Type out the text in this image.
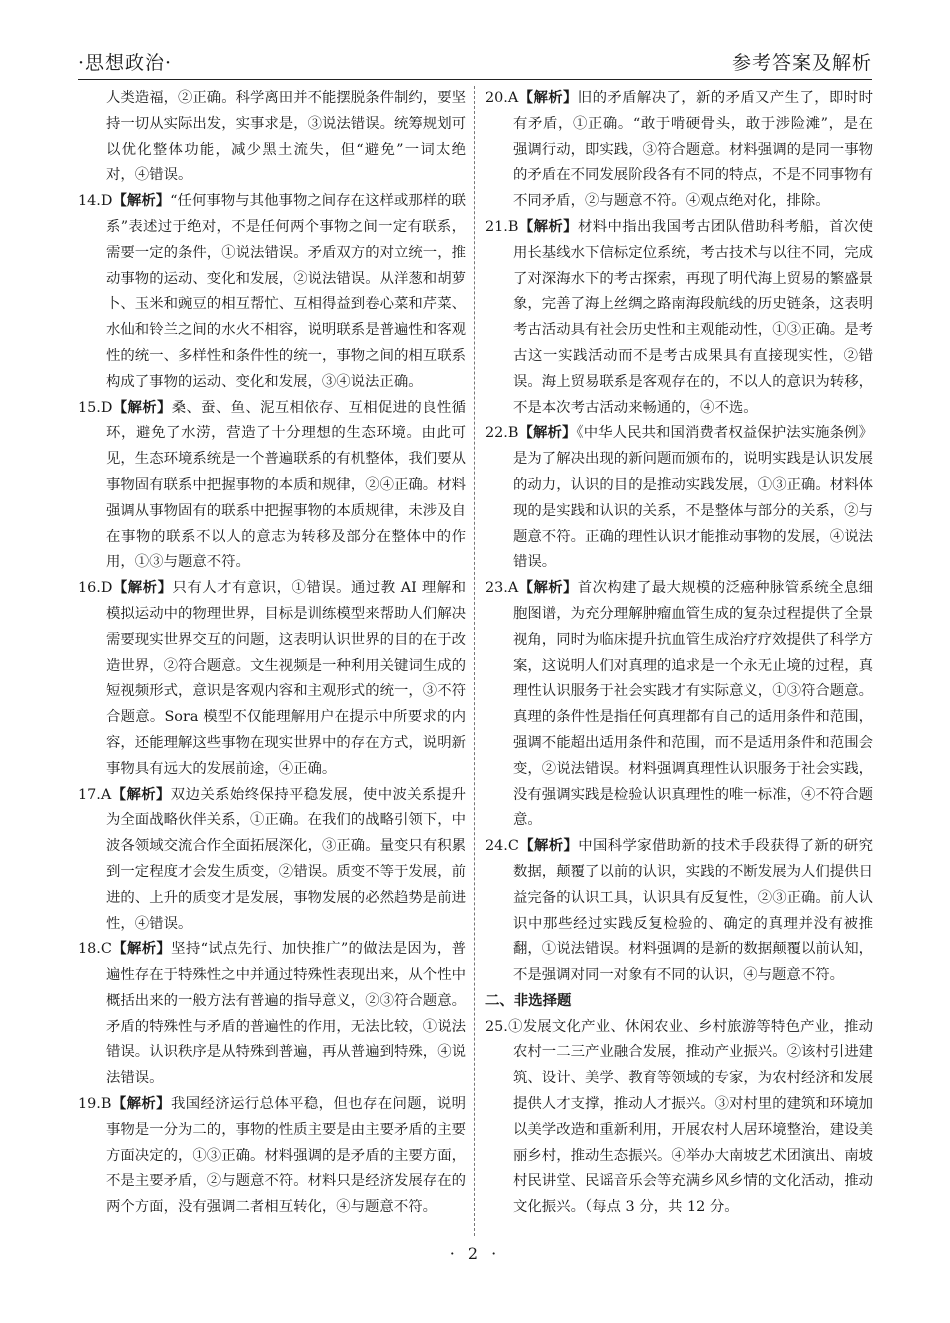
·思想政治·	参考答案及解析

人类造福，②正确。科学离田并不能摆脱条件制约，要坚持一切从实际出发，实事求是，③说法错误。统筹规划可以优化整体功能，减少黑土流失，但“避免”一词太绝对，④错误。

14.D【解析】“任何事物与其他事物之间存在这样或那样的联系”表述过于绝对，不是任何两个事物之间一定有联系，需要一定的条件，①说法错误。矛盾双方的对立统一，推动事物的运动、变化和发展，②说法错误。从洋葱和胡萝卜、玉米和豌豆的相互帮忙、互相得益到卷心菜和芹菜、水仙和铃兰之间的水火不相容，说明联系是普遍性和客观性的统一、多样性和条件性的统一，事物之间的相互联系构成了事物的运动、变化和发展，③④说法正确。

15.D【解析】桑、蚕、鱼、泥互相依存、互相促进的良性循环，避免了水涝，营造了十分理想的生态环境。由此可见，生态环境系统是一个普遍联系的有机整体，我们要从事物固有联系中把握事物的本质和规律，②④正确。材料强调从事物固有的联系中把握事物的本质规律，未涉及自在事物的联系不以人的意志为转移及部分在整体中的作用，①③与题意不符。

16.D【解析】只有人才有意识，①错误。通过教 AI 理解和模拟运动中的物理世界，目标是训练模型来帮助人们解决需要现实世界交互的问题，这表明认识世界的目的在于改造世界，②符合题意。文生视频是一种利用关键词生成的短视频形式，意识是客观内容和主观形式的统一，③不符合题意。Sora 模型不仅能理解用户在提示中所要求的内容，还能理解这些事物在现实世界中的存在方式，说明新事物具有远大的发展前途，④正确。

17.A【解析】双边关系始终保持平稳发展，使中波关系提升为全面战略伙伴关系，①正确。在我们的战略引领下，中波各领域交流合作全面拓展深化，③正确。量变只有积累到一定程度才会发生质变，②错误。质变不等于发展，前进的、上升的质变才是发展，事物发展的必然趋势是前进性，④错误。

18.C【解析】坚持“试点先行、加快推广”的做法是因为，普遍性存在于特殊性之中并通过特殊性表现出来，从个性中概括出来的一般方法有普遍的指导意义，②③符合题意。矛盾的特殊性与矛盾的普遍性的作用，无法比较，①说法错误。认识秩序是从特殊到普遍，再从普遍到特殊，④说法错误。

19.B【解析】我国经济运行总体平稳，但也存在问题，说明事物是一分为二的，事物的性质主要是由主要矛盾的主要方面决定的，①③正确。材料强调的是矛盾的主要方面，不是主要矛盾，②与题意不符。材料只是经济发展存在的两个方面，没有强调二者相互转化，④与题意不符。

20.A【解析】旧的矛盾解决了，新的矛盾又产生了，即时时有矛盾，①正确。“敢于啃硬骨头，敢于涉险滩”，是在强调行动，即实践，③符合题意。材料强调的是同一事物的矛盾在不同发展阶段各有不同的特点，不是不同事物有不同矛盾，②与题意不符。④观点绝对化，排除。

21.B【解析】材料中指出我国考古团队借助科考船，首次使用长基线水下信标定位系统，考古技术与以往不同，完成了对深海水下的考古探索，再现了明代海上贸易的繁盛景象，完善了海上丝绸之路南海段航线的历史链条，这表明考古活动具有社会历史性和主观能动性，①③正确。是考古这一实践活动而不是考古成果具有直接现实性，②错误。海上贸易联系是客观存在的，不以人的意识为转移，不是本次考古活动来畅通的，④不选。

22.B【解析】《中华人民共和国消费者权益保护法实施条例》是为了解决出现的新问题而颁布的，说明实践是认识发展的动力，认识的目的是推动实践发展，①③正确。材料体现的是实践和认识的关系，不是整体与部分的关系，②与题意不符。正确的理性认识才能推动事物的发展，④说法错误。

23.A【解析】首次构建了最大规模的泛癌种脉管系统全息细胞图谱，为充分理解肿瘤血管生成的复杂过程提供了全景视角，同时为临床提升抗血管生成治疗疗效提供了科学方案，这说明人们对真理的追求是一个永无止境的过程，真理性认识服务于社会实践才有实际意义，①③符合题意。真理的条件性是指任何真理都有自己的适用条件和范围，强调不能超出适用条件和范围，而不是适用条件和范围会变，②说法错误。材料强调真理性认识服务于社会实践，没有强调实践是检验认识真理性的唯一标准，④不符合题意。

24.C【解析】中国科学家借助新的技术手段获得了新的研究数据，颠覆了以前的认识，实践的不断发展为人们提供日益完备的认识工具，认识具有反复性，②③正确。前人认识中那些经过实践反复检验的、确定的真理并没有被推翻，①说法错误。材料强调的是新的数据颠覆以前认知，不是强调对同一对象有不同的认识，④与题意不符。

二、非选择题

25.①发展文化产业、休闲农业、乡村旅游等特色产业，推动农村一二三产业融合发展，推动产业振兴。②该村引进建筑、设计、美学、教育等领域的专家，为农村经济和发展提供人才支撑，推动人才振兴。③对村里的建筑和环境加以美学改造和重新利用，开展农村人居环境整治，建设美丽乡村，推动生态振兴。④举办大南坡艺术团演出、南坡村民讲堂、民谣音乐会等充满乡风乡情的文化活动，推动文化振兴。（每点 3 分，共 12 分。

· 2 ·
